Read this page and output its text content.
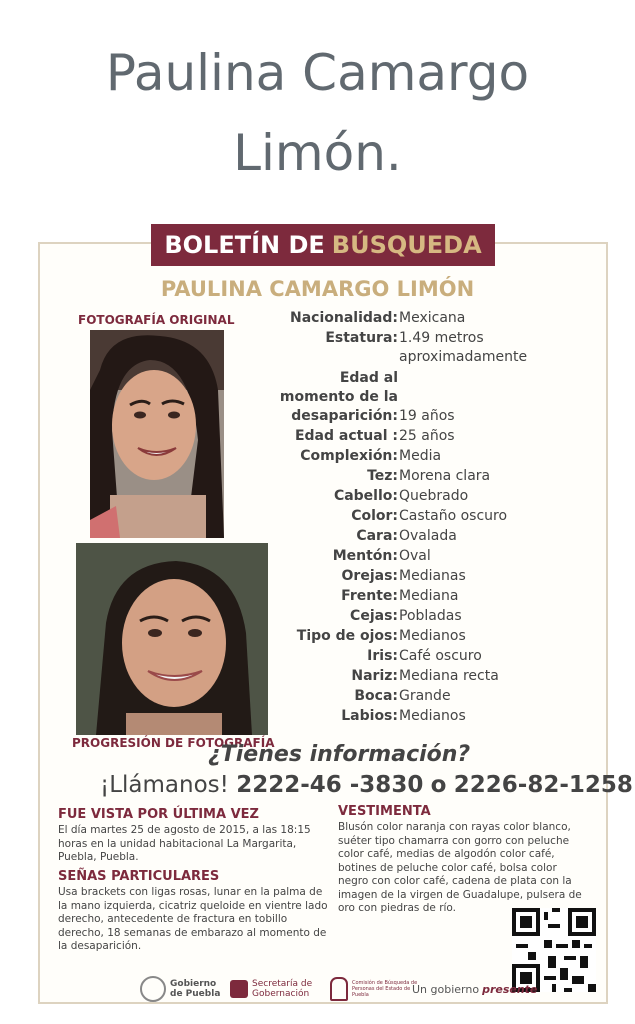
Paulina Camargo
Limón.
BOLETÍN DE BÚSQUEDA
PAULINA CAMARGO LIMÓN
FOTOGRAFÍA ORIGINAL
PROGRESIÓN DE FOTOGRAFÍA
Nacionalidad: Mexicana
Estatura: 1.49 metros
aproximadamente
Edad al
momento de la
desaparición: 19 años
Edad actual : 25 años
Complexión: Media
Tez: Morena clara
Cabello: Quebrado
Color: Castaño oscuro
Cara: Ovalada
Mentón: Oval
Orejas: Medianas
Frente: Mediana
Cejas: Pobladas
Tipo de ojos: Medianos
Iris: Café oscuro
Nariz: Mediana recta
Boca: Grande
Labios: Medianos
¿Tienes información?
¡Llámanos! 2222-46 -3830 o 2226-82-1258
FUE VISTA POR ÚLTIMA VEZ
El día martes 25 de agosto de 2015, a las 18:15 horas en la unidad habitacional La Margarita, Puebla, Puebla.
SEÑAS PARTICULARES
Usa brackets con ligas rosas, lunar en la palma de la mano izquierda, cicatriz queloide en vientre lado derecho, antecedente de fractura en tobillo derecho, 18 semanas de embarazo al momento de la desaparición.
VESTIMENTA
Blusón color naranja con rayas color blanco, suéter tipo chamarra con gorro con peluche color café, medias de algodón color café, botines de peluche color café, bolsa color negro con color café, cadena de plata con la imagen de la virgen de Guadalupe, pulsera de oro con piedras de río.
Gobierno de Puebla
Secretaría de Gobernación
Comisión de Búsqueda de Personas del Estado de Puebla	Un gobierno presente
